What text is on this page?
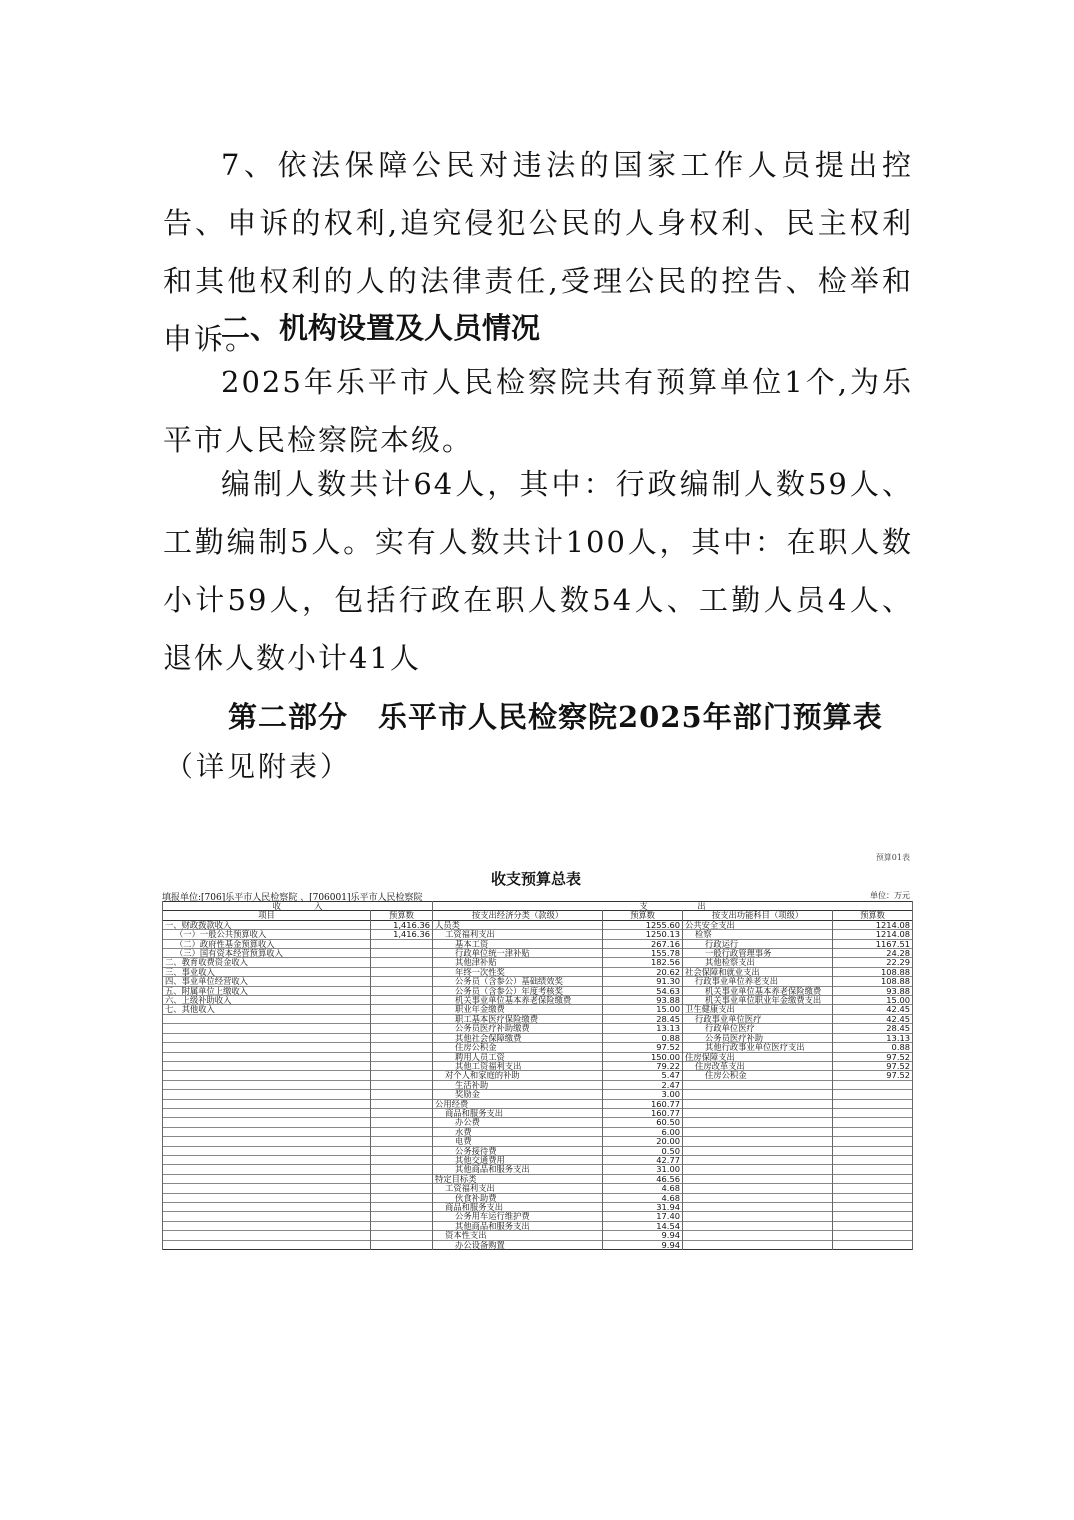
7、依法保障公民对违法的国家工作人员提出控告、申诉的权利,追究侵犯公民的人身权利、民主权利和其他权利的人的法律责任,受理公民的控告、检举和申诉。

二、机构设置及人员情况

2025年乐平市人民检察院共有预算单位1个,为乐平市人民检察院本级。

编制人数共计64人，其中：行政编制人数59人、工勤编制5人。实有人数共计100人，其中：在职人数小计59人，包括行政在职人数54人、工勤人员4人、退休人数小计41人

第二部分　乐平市人民检察院2025年部门预算表

（详见附表）

预算01表
收支预算总表
填报单位:[706]乐平市人民检察院 、[706001]乐平市人民检察院	单位：万元
收　　　　入		支　　　　　　出			
项目	预算数	按支出经济分类（款级）	预算数	按支出功能科目（项级）	预算数
一、财政拨款收入	1,416.36	人员类	1255.60	公共安全支出	1214.08
（一）一般公共预算收入	1,416.36	工资福利支出	1250.13	检察	1214.08
（二）政府性基金预算收入		基本工资	267.16	行政运行	1167.51
（三）国有资本经营预算收入		行政单位统一津补贴	155.78	一般行政管理事务	24.28
二、教育收费资金收入		其他津补贴	182.56	其他检察支出	22.29
三、事业收入		年终一次性奖	20.62	社会保障和就业支出	108.88
四、事业单位经营收入		公务员（含参公）基础绩效奖	91.30	行政事业单位养老支出	108.88
五、附属单位上缴收入		公务员（含参公）年度考核奖	54.63	机关事业单位基本养老保险缴费	93.88
六、上级补助收入		机关事业单位基本养老保险缴费	93.88	机关事业单位职业年金缴费支出	15.00
七、其他收入		职业年金缴费	15.00	卫生健康支出	42.45
		职工基本医疗保险缴费	28.45	行政事业单位医疗	42.45
		公务员医疗补助缴费	13.13	行政单位医疗	28.45
		其他社会保障缴费	0.88	公务员医疗补助	13.13
		住房公积金	97.52	其他行政事业单位医疗支出	0.88
		聘用人员工资	150.00	住房保障支出	97.52
		其他工资福利支出	79.22	住房改革支出	97.52
		对个人和家庭的补助	5.47	住房公积金	97.52
		生活补助	2.47		
		奖励金	3.00		
		公用经费	160.77		
		商品和服务支出	160.77		
		办公费	60.50		
		水费	6.00		
		电费	20.00		
		公务接待费	0.50		
		其他交通费用	42.77		
		其他商品和服务支出	31.00		
		特定目标类	46.56		
		工资福利支出	4.68		
		伙食补助费	4.68		
		商品和服务支出	31.94		
		公务用车运行维护费	17.40		
		其他商品和服务支出	14.54		
		资本性支出	9.94		
		办公设备购置	9.94		
